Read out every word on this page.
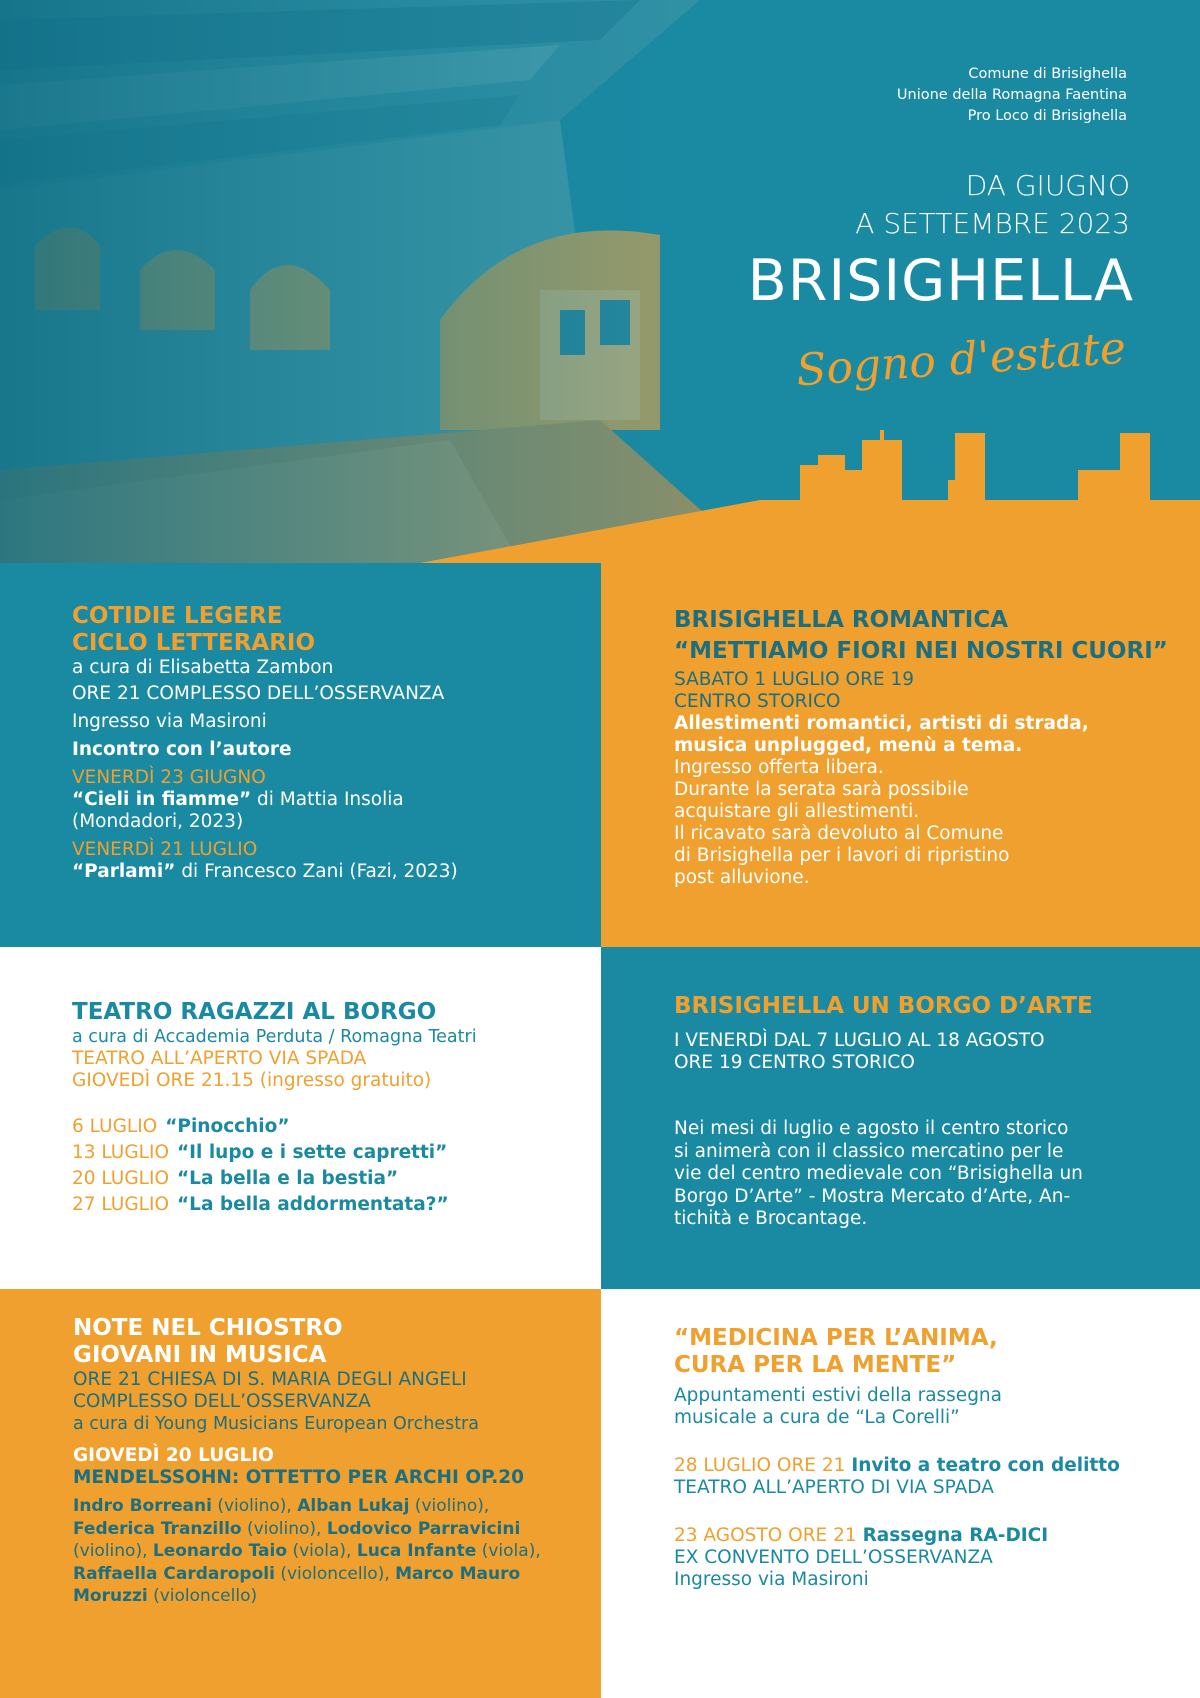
Comune di Brisighella
Unione della Romagna Faentina
Pro Loco di Brisighella
DA GIUGNO
A SETTEMBRE 2023
BRISIGHELLA
Sogno d'estate
COTIDIE LEGERE
CICLO LETTERARIO
a cura di Elisabetta Zambon
ORE 21 COMPLESSO DELL’OSSERVANZA
Ingresso via Masironi
Incontro con l’autore
VENERDÌ 23 GIUGNO
“Cieli in fiamme” di Mattia Insolia
(Mondadori, 2023)
VENERDÌ 21 LUGLIO
“Parlami” di Francesco Zani (Fazi, 2023)
BRISIGHELLA ROMANTICA
“METTIAMO FIORI NEI NOSTRI CUORI”
SABATO 1 LUGLIO ORE 19
CENTRO STORICO
Allestimenti romantici, artisti di strada,
musica unplugged, menù a tema.
Ingresso offerta libera.
Durante la serata sarà possibile
acquistare gli allestimenti.
Il ricavato sarà devoluto al Comune
di Brisighella per i lavori di ripristino
post alluvione.
TEATRO RAGAZZI AL BORGO
a cura di Accademia Perduta / Romagna Teatri
TEATRO ALL’APERTO VIA SPADA
GIOVEDÌ ORE 21.15 (ingresso gratuito)
6 LUGLIO “Pinocchio”
13 LUGLIO “Il lupo e i sette capretti”
20 LUGLIO “La bella e la bestia”
27 LUGLIO “La bella addormentata?”
BRISIGHELLA UN BORGO D’ARTE
I VENERDÌ DAL 7 LUGLIO AL 18 AGOSTO
ORE 19 CENTRO STORICO
Nei mesi di luglio e agosto il centro storico
si animerà con il classico mercatino per le
vie del centro medievale con “Brisighella un
Borgo D’Arte” - Mostra Mercato d’Arte, An-
tichità e Brocantage.
NOTE NEL CHIOSTRO
GIOVANI IN MUSICA
ORE 21 CHIESA DI S. MARIA DEGLI ANGELI
COMPLESSO DELL’OSSERVANZA
a cura di Young Musicians European Orchestra
GIOVEDÌ 20 LUGLIO
MENDELSSOHN: OTTETTO PER ARCHI OP.20
Indro Borreani (violino), Alban Lukaj (violino),
Federica Tranzillo (violino), Lodovico Parravicini
(violino), Leonardo Taio (viola), Luca Infante (viola),
Raffaella Cardaropoli (violoncello), Marco Mauro
Moruzzi (violoncello)
“MEDICINA PER L’ANIMA,
CURA PER LA MENTE”
Appuntamenti estivi della rassegna
musicale a cura de “La Corelli”
28 LUGLIO ORE 21 Invito a teatro con delitto
TEATRO ALL’APERTO DI VIA SPADA
23 AGOSTO ORE 21 Rassegna RA-DICI
EX CONVENTO DELL’OSSERVANZA
Ingresso via Masironi
